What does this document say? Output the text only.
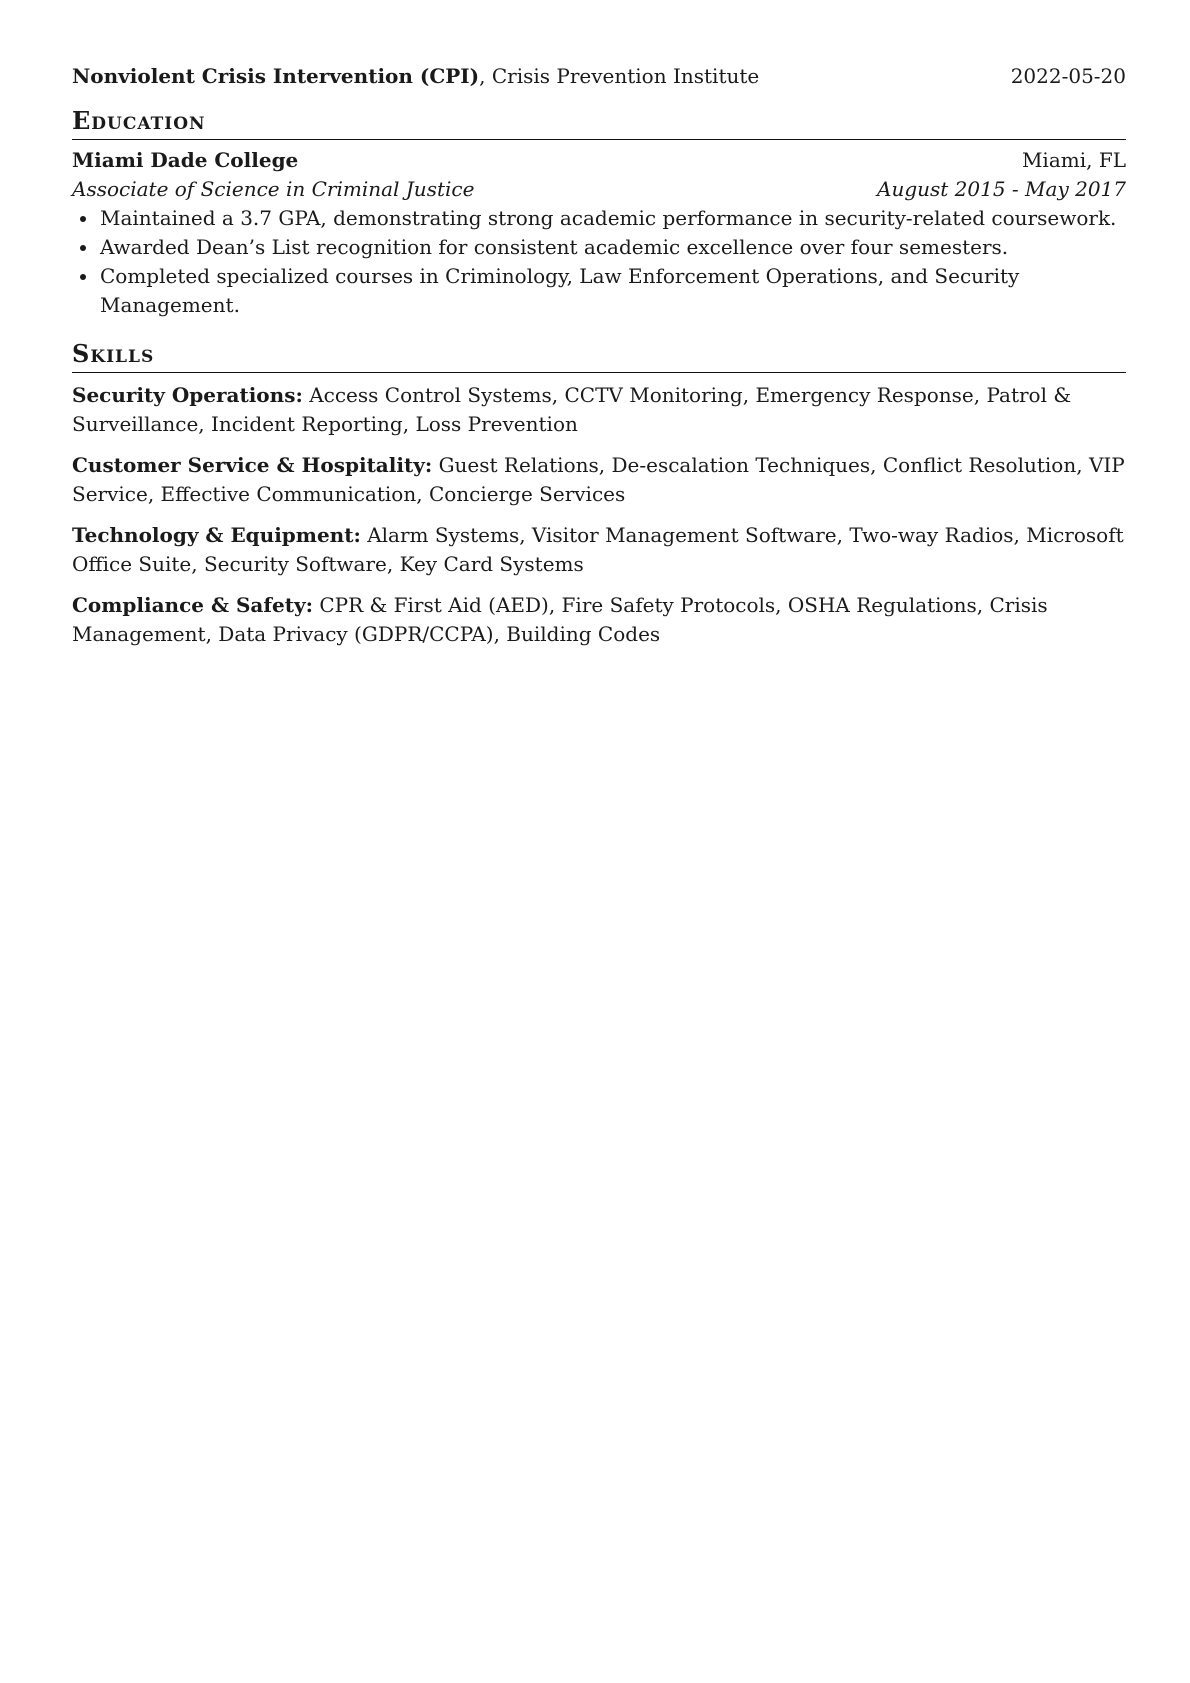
Nonviolent Crisis Intervention (CPI), Crisis Prevention Institute	2022-05-20
Education
Miami Dade College	Miami, FL
Associate of Science in Criminal Justice	August 2015 - May 2017
Maintained a 3.7 GPA, demonstrating strong academic performance in security-related coursework.
Awarded Dean’s List recognition for consistent academic excellence over four semesters.
Completed specialized courses in Criminology, Law Enforcement Operations, and Security Management.
Skills

Security Operations: Access Control Systems, CCTV Monitoring, Emergency Response, Patrol & Surveillance, Incident Reporting, Loss Prevention

Customer Service & Hospitality: Guest Relations, De-escalation Techniques, Conflict Resolution, VIP Service, Effective Communication, Concierge Services

Technology & Equipment: Alarm Systems, Visitor Management Software, Two-way Radios, Microsoft Office Suite, Security Software, Key Card Systems

Compliance & Safety: CPR & First Aid (AED), Fire Safety Protocols, OSHA Regulations, Crisis Management, Data Privacy (GDPR/CCPA), Building Codes
